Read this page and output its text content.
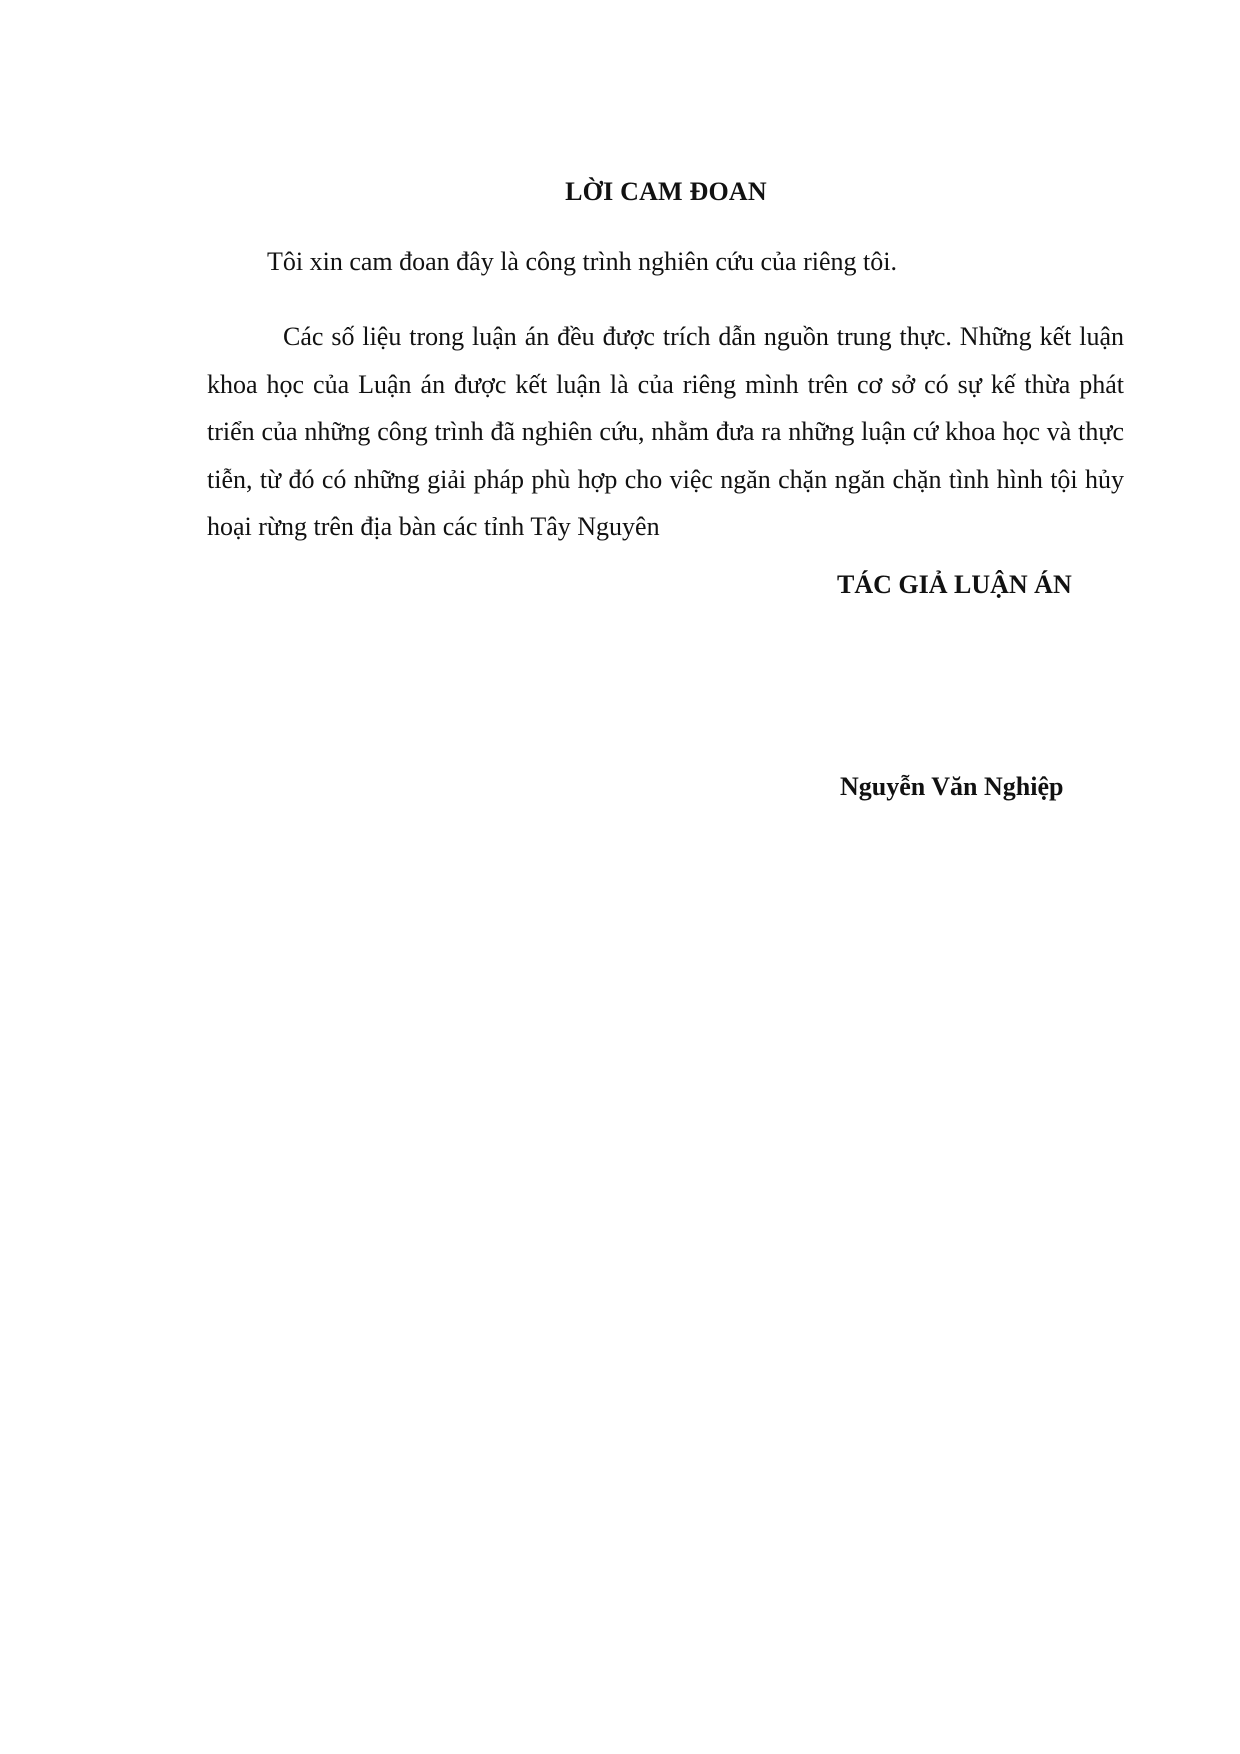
LỜI CAM ĐOAN
Tôi xin cam đoan đây là công trình nghiên cứu của riêng tôi.
Các số liệu trong luận án đều được trích dẫn nguồn trung thực. Những kết luận khoa học của Luận án được kết luận là của riêng mình trên cơ sở có sự kế thừa phát triển của những công trình đã nghiên cứu, nhằm đưa ra những luận cứ khoa học và thực tiễn, từ đó có những giải pháp phù hợp cho việc ngăn chặn ngăn chặn tình hình tội hủy hoại rừng trên địa bàn các tỉnh Tây Nguyên
TÁC GIẢ LUẬN ÁN
Nguyễn Văn Nghiệp
